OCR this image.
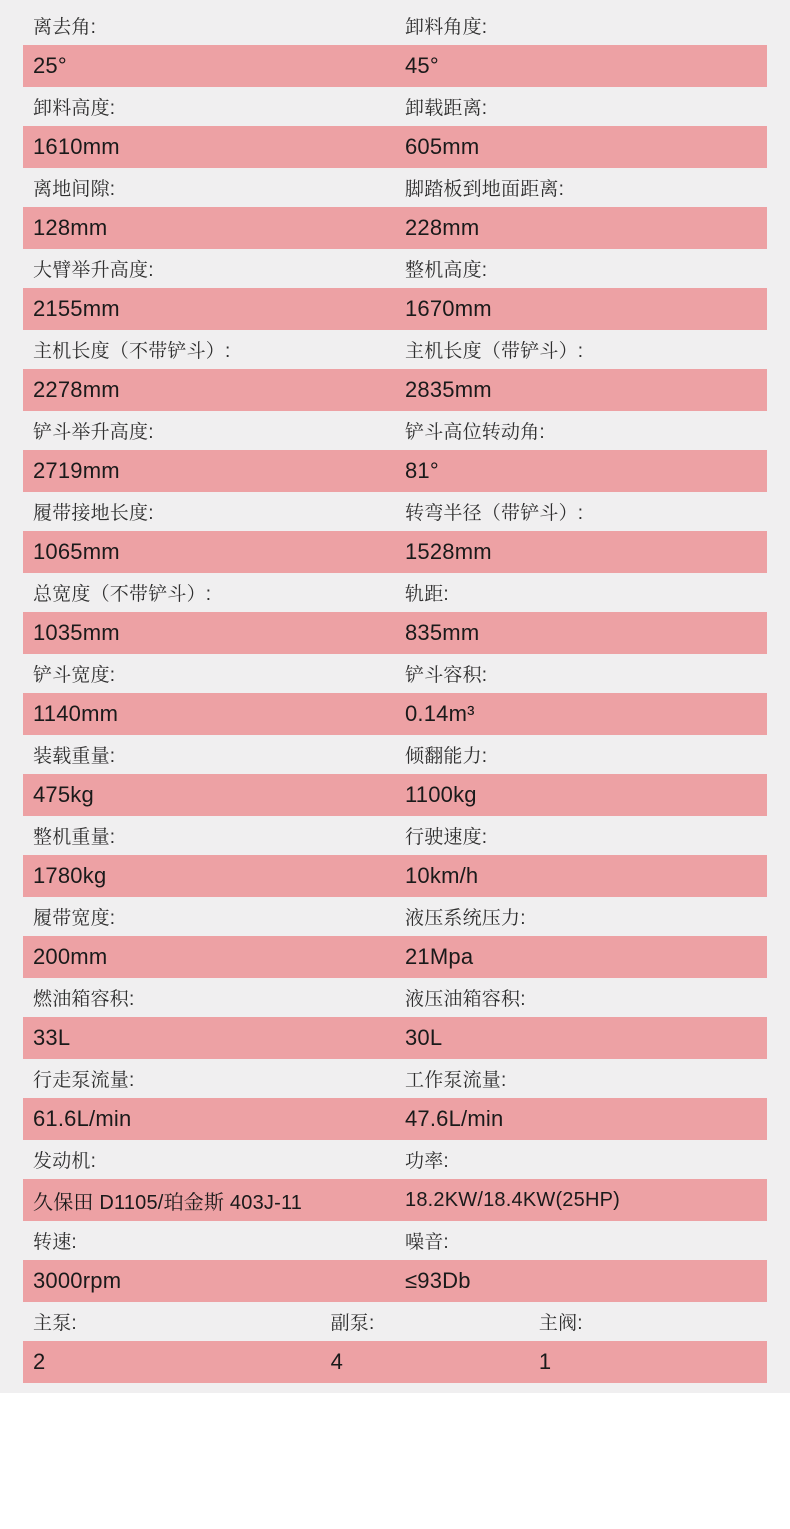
离去角:	卸料角度:
25°	45°
卸料高度:	卸载距离:
1610mm	605mm
离地间隙:	脚踏板到地面距离:
128mm	228mm
大臂举升高度:	整机高度:
2155mm	1670mm
主机长度（不带铲斗）:	主机长度（带铲斗）:
2278mm	2835mm
铲斗举升高度:	铲斗高位转动角:
2719mm	81°
履带接地长度:	转弯半径（带铲斗）:
1065mm	1528mm
总宽度（不带铲斗）:	轨距:
1035mm	835mm
铲斗宽度:	铲斗容积:
1140mm	0.14m³
装载重量:	倾翻能力:
475kg	1100kg
整机重量:	行驶速度:
1780kg	10km/h
履带宽度:	液压系统压力:
200mm	21Mpa
燃油箱容积:	液压油箱容积:
33L	30L
行走泵流量:	工作泵流量:
61.6L/min	47.6L/min
发动机:	功率:
久保田 D1105/珀金斯 403J-11	18.2KW/18.4KW(25HP)
转速:	噪音:
3000rpm	≤93Db
主泵:	副泵:	主阀:
2	4	1
